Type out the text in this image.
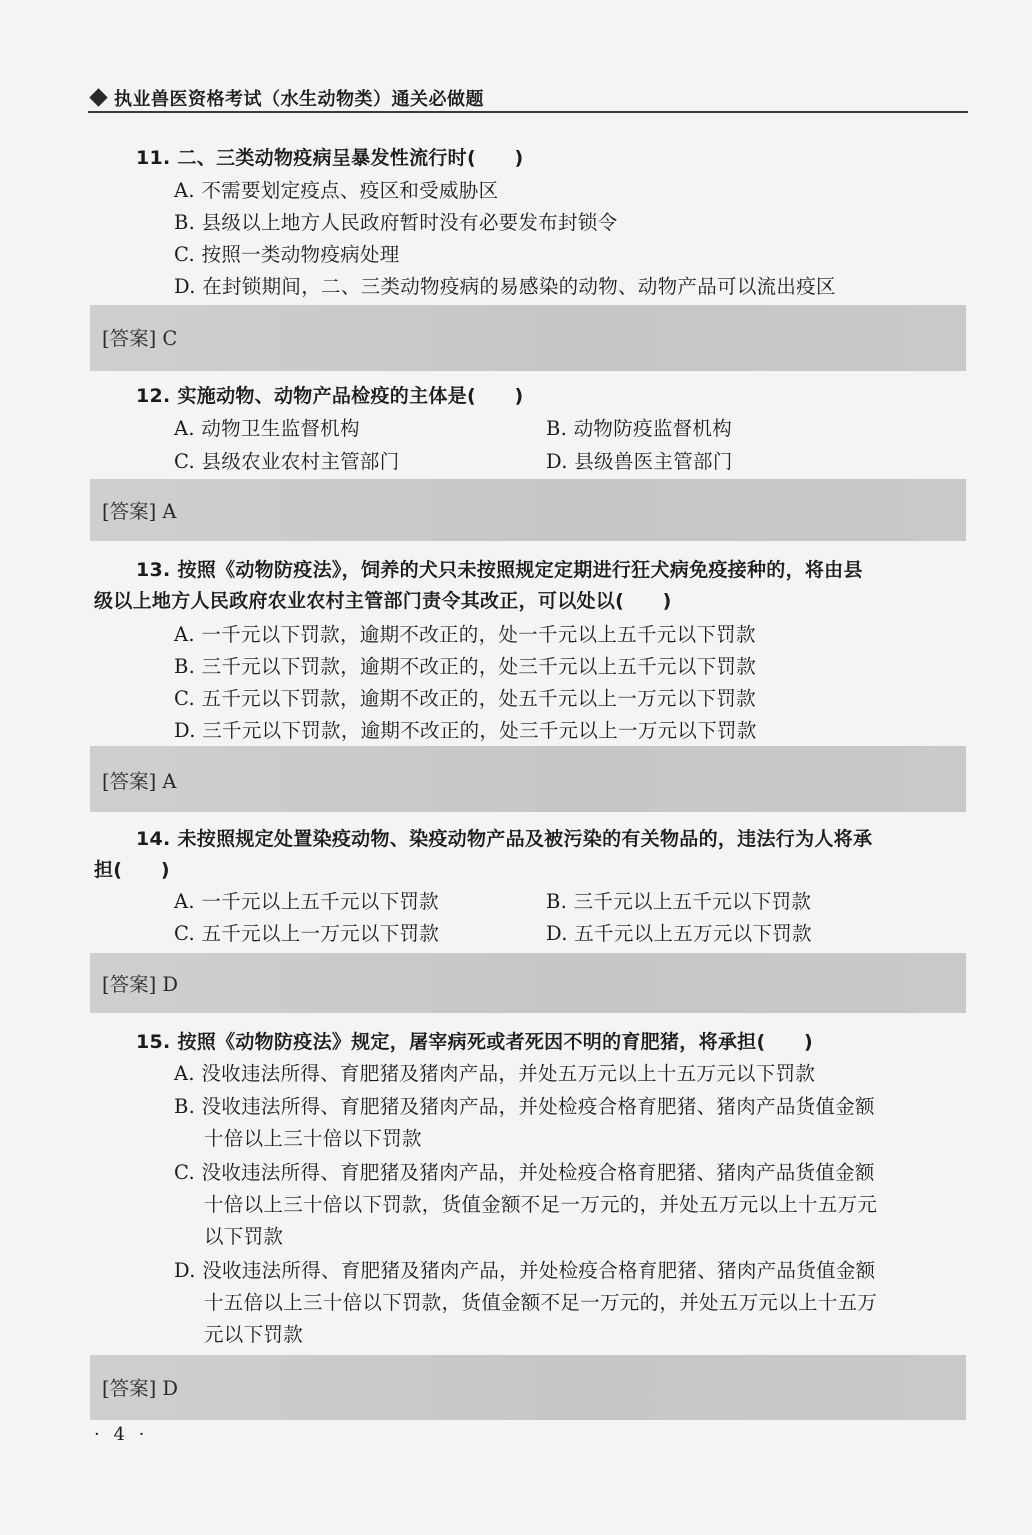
执业兽医资格考试（水生动物类）通关必做题
11. 二、三类动物疫病呈暴发性流行时(　　)
A. 不需要划定疫点、疫区和受威胁区
B. 县级以上地方人民政府暂时没有必要发布封锁令
C. 按照一类动物疫病处理
D. 在封锁期间，二、三类动物疫病的易感染的动物、动物产品可以流出疫区
[答案] C
12. 实施动物、动物产品检疫的主体是(　　)
A. 动物卫生监督机构	B. 动物防疫监督机构
C. 县级农业农村主管部门	D. 县级兽医主管部门
[答案] A
13. 按照《动物防疫法》，饲养的犬只未按照规定定期进行狂犬病免疫接种的，将由县
级以上地方人民政府农业农村主管部门责令其改正，可以处以(　　)
A. 一千元以下罚款，逾期不改正的，处一千元以上五千元以下罚款
B. 三千元以下罚款，逾期不改正的，处三千元以上五千元以下罚款
C. 五千元以下罚款，逾期不改正的，处五千元以上一万元以下罚款
D. 三千元以下罚款，逾期不改正的，处三千元以上一万元以下罚款
[答案] A
14. 未按照规定处置染疫动物、染疫动物产品及被污染的有关物品的，违法行为人将承
担(　　)
A. 一千元以上五千元以下罚款	B. 三千元以上五千元以下罚款
C. 五千元以上一万元以下罚款	D. 五千元以上五万元以下罚款
[答案] D
15. 按照《动物防疫法》规定，屠宰病死或者死因不明的育肥猪，将承担(　　)
A. 没收违法所得、育肥猪及猪肉产品，并处五万元以上十五万元以下罚款
B. 没收违法所得、育肥猪及猪肉产品，并处检疫合格育肥猪、猪肉产品货值金额
十倍以上三十倍以下罚款
C. 没收违法所得、育肥猪及猪肉产品，并处检疫合格育肥猪、猪肉产品货值金额
十倍以上三十倍以下罚款，货值金额不足一万元的，并处五万元以上十五万元
以下罚款
D. 没收违法所得、育肥猪及猪肉产品，并处检疫合格育肥猪、猪肉产品货值金额
十五倍以上三十倍以下罚款，货值金额不足一万元的，并处五万元以上十五万
元以下罚款
[答案] D
· 4 ·
